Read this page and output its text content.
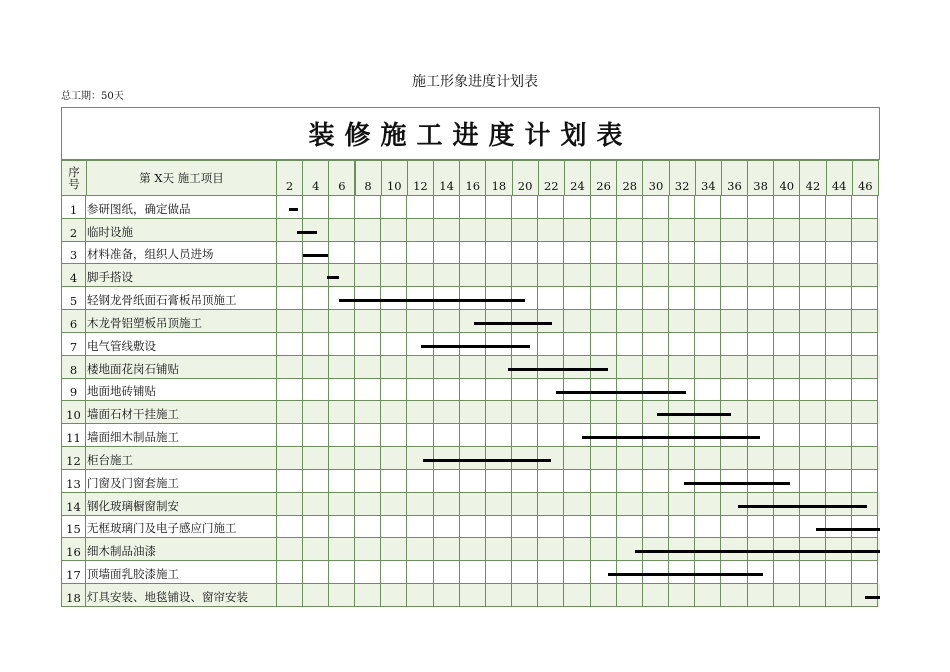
施工形象进度计划表
总工期：50天
装修施工进度计划表
序号	第 X天 施工项目
2	4	6	8	10	12	14	16	18	20	22	24	26	28	30	32	34	36	38	40	42	44	46
1 参研图纸，确定做品
2 临时设施
3 材料准备，组织人员进场
4 脚手搭设
5 轻钢龙骨纸面石膏板吊顶施工
6 木龙骨铝塑板吊顶施工
7 电气管线敷设
8 楼地面花岗石铺贴
9 地面地砖铺贴
10 墙面石材干挂施工
11 墙面细木制品施工
12 柜台施工
13 门窗及门窗套施工
14 钢化玻璃橱窗制安
15 无框玻璃门及电子感应门施工
16 细木制品油漆
17 顶墙面乳胶漆施工
18 灯具安装、地毯铺设、窗帘安装
